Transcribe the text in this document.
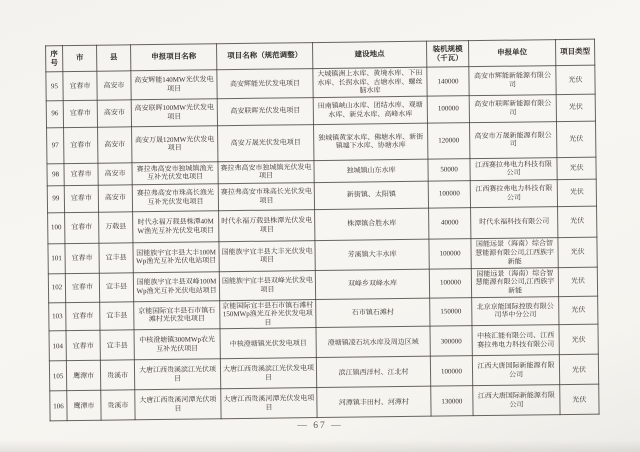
序号	市	县	申报项目名称	项目名称（规范调整）	建设地点	装机规模（千瓦）	申报单位	项目类型
95	宜春市	高安市	高安辉能140MW光伏发电项目	高安辉能光伏发电项目	大城镇洲上水库、黄境水库、下田水库、长拐水库、古塘水库、螺丝脑水库	140000	高安市辉能新能源有限公司	光伏
96	宜春市	高安市	高安联晖100MW光伏发电项目	高安联晖光伏发电项目	田南镇峡山水库、团结水库、观塘水库、新兑水库、高峰水库	100000	高安市联晖新能源有限公司	光伏
97	宜春市	高安市	高安万晟120MW光伏发电项目	高安万晟光伏发电项目	独城镇黄家水库、佛塘水库、新街镇墟下水库、协塘水库	120000	高安市万晟新能源有限公司	光伏
98	宜春市	高安市	赛拉弗高安市独城镇渔光互补光伏发电项目	赛拉弗高安市独城镇光伏发电项目	独城镇山东水库	50000	江西赛拉弗电力科技有限公司	光伏
99	宜春市	高安市	赛拉弗高安市珠高长渔光互补光伏发电项目	赛拉弗高安市珠高长光伏发电项目	新街镇、太阳镇	100000	江西赛拉弗电力科技有限公司	光伏
100	宜春市	万载县	时代永福万载县株潭40MW渔光互补光伏发电项目	时代永福万载县株潭光伏发电项目	株潭镇合胜水库	40000	时代永福科技有限公司	光伏
101	宜春市	宜丰县	国能族宇宜丰县大丰100MWp渔光互补光伏电站项目	国能族宇宜丰县大丰光伏发电项目	芳溪镇大丰水库	100000	国能远景（海南）综合智慧能源有限公司,江西族宇新能	光伏
102	宜春市	宜丰县	国能族宇宜丰县双峰100MWp渔光互补光伏电站项目	国能族宇宜丰县双峰光伏发电项目	双峰乡双峰水库	100000	国能远景（海南）综合智慧能源有限公司,江西族宇新能	光伏
103	宜春市	宜丰县	京能国际宜丰县石市镇石滩村光伏发电项目	京能国际宜丰县石市镇石滩村150MWp渔光互补光伏发电项目	石市镇石滩村	150000	北京京能国际控股有限公司华中分公司	光伏
104	宜春市	宜丰县	中核澄塘镇300MWp农光互补光伏项目	中核澄塘镇光伏发电项目	澄塘镇凌石坑水库及周边区域	300000	中核汇能有限公司、江西赛拉弗电力科技有限公司	光伏
105	鹰潭市	贵溪市	大唐江西贵溪滨江光伏项目	大唐江西贵溪滨江光伏发电项目	滨江镇西洋村、江北村	100000	江西大唐国际新能源有限公司	光伏
106	鹰潭市	贵溪市	大唐江西贵溪河潭光伏项目	大唐江西贵溪河潭光伏发电项目	河潭镇丰田村、河潭村	130000	江西大唐国际新能源有限公司	光伏
— 67 —
